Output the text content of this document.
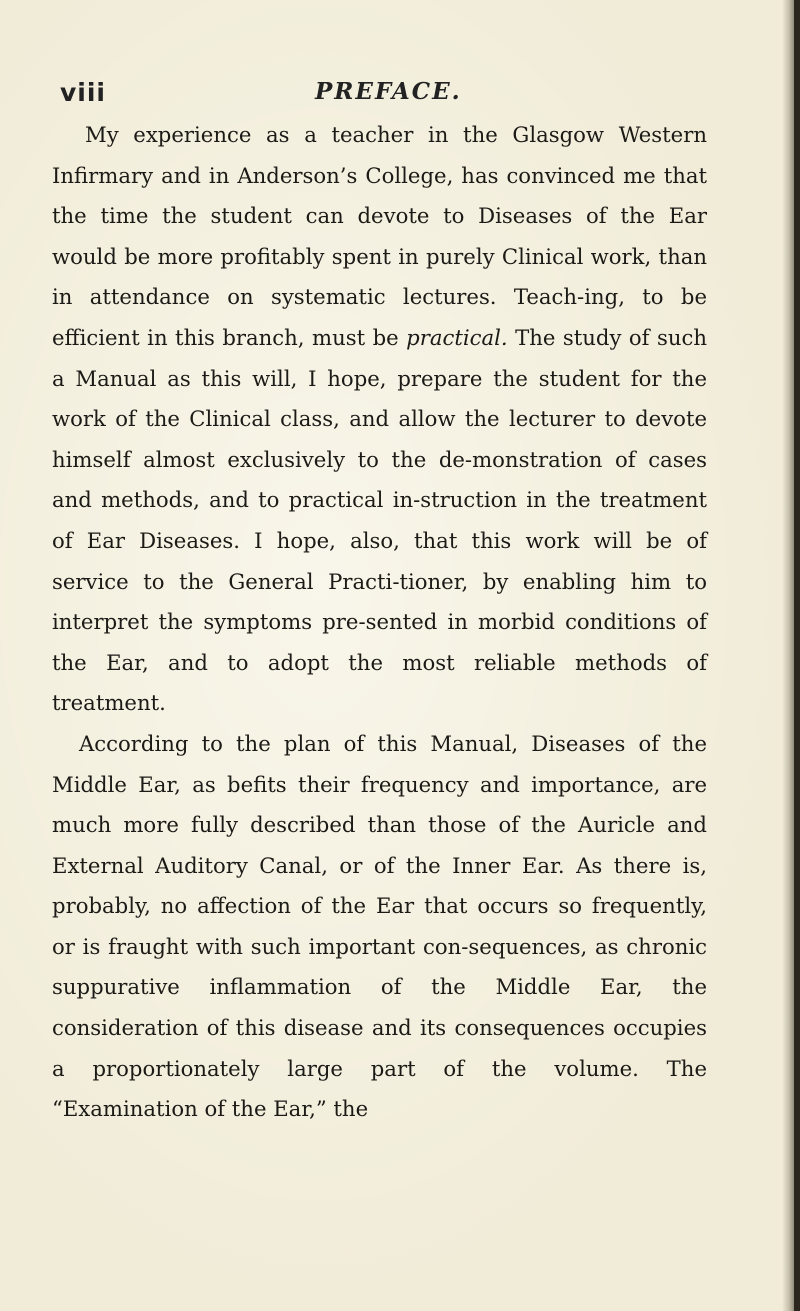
viii	PREFACE.

My experience as a teacher in the Glasgow Western Infirmary and in Anderson’s College, has convinced me that the time the student can devote to Diseases of the Ear would be more profitably spent in purely Clinical work, than in attendance on systematic lectures. Teach-ing, to be efficient in this branch, must be practical. The study of such a Manual as this will, I hope, prepare the student for the work of the Clinical class, and allow the lecturer to devote himself almost exclusively to the de-monstration of cases and methods, and to practical in-struction in the treatment of Ear Diseases. I hope, also, that this work will be of service to the General Practi-tioner, by enabling him to interpret the symptoms pre-sented in morbid conditions of the Ear, and to adopt the most reliable methods of treatment.

According to the plan of this Manual, Diseases of the Middle Ear, as befits their frequency and importance, are much more fully described than those of the Auricle and External Auditory Canal, or of the Inner Ear. As there is, probably, no affection of the Ear that occurs so frequently, or is fraught with such important con-sequences, as chronic suppurative inflammation of the Middle Ear, the consideration of this disease and its consequences occupies a proportionately large part of the volume. The “Examination of the Ear,” the
